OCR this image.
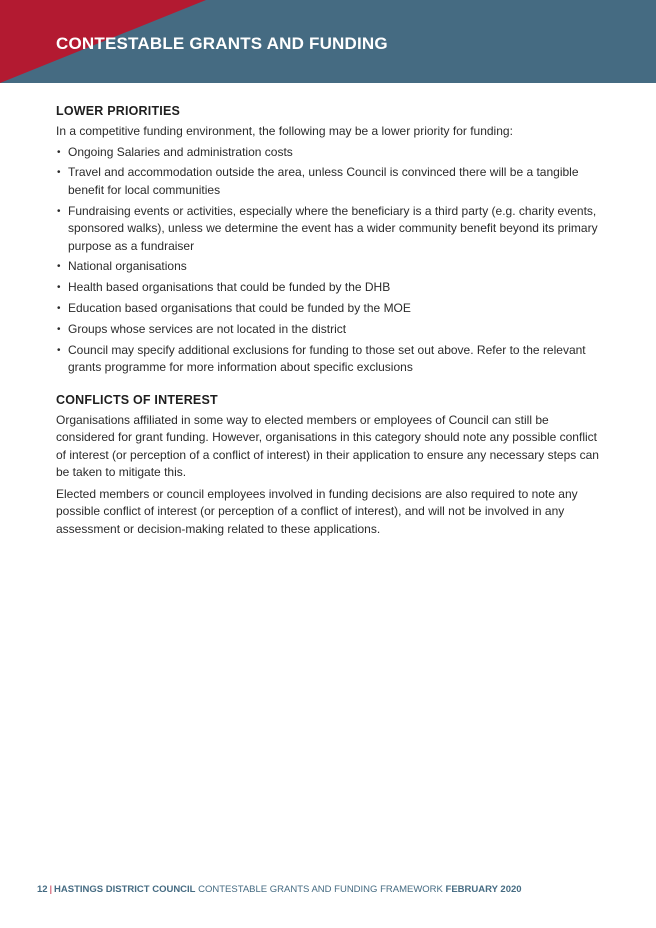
CONTESTABLE GRANTS AND FUNDING
LOWER PRIORITIES

In a competitive funding environment, the following may be a lower priority for funding:

• Ongoing Salaries and administration costs
• Travel and accommodation outside the area, unless Council is convinced there will be a tangible benefit for local communities
• Fundraising events or activities, especially where the beneficiary is a third party (e.g. charity events, sponsored walks), unless we determine the event has a wider community benefit beyond its primary purpose as a fundraiser
• National organisations
• Health based organisations that could be funded by the DHB
• Education based organisations that could be funded by the MOE
• Groups whose services are not located in the district
• Council may specify additional exclusions for funding to those set out above. Refer to the relevant grants programme for more information about specific exclusions
CONFLICTS OF INTEREST

Organisations affiliated in some way to elected members or employees of Council can still be considered for grant funding. However, organisations in this category should note any possible conflict of interest (or perception of a conflict of interest) in their application to ensure any necessary steps can be taken to mitigate this.

Elected members or council employees involved in funding decisions are also required to note any possible conflict of interest (or perception of a conflict of interest), and will not be involved in any assessment or decision-making related to these applications.

12 | HASTINGS DISTRICT COUNCIL CONTESTABLE GRANTS AND FUNDING FRAMEWORK FEBRUARY 2020
